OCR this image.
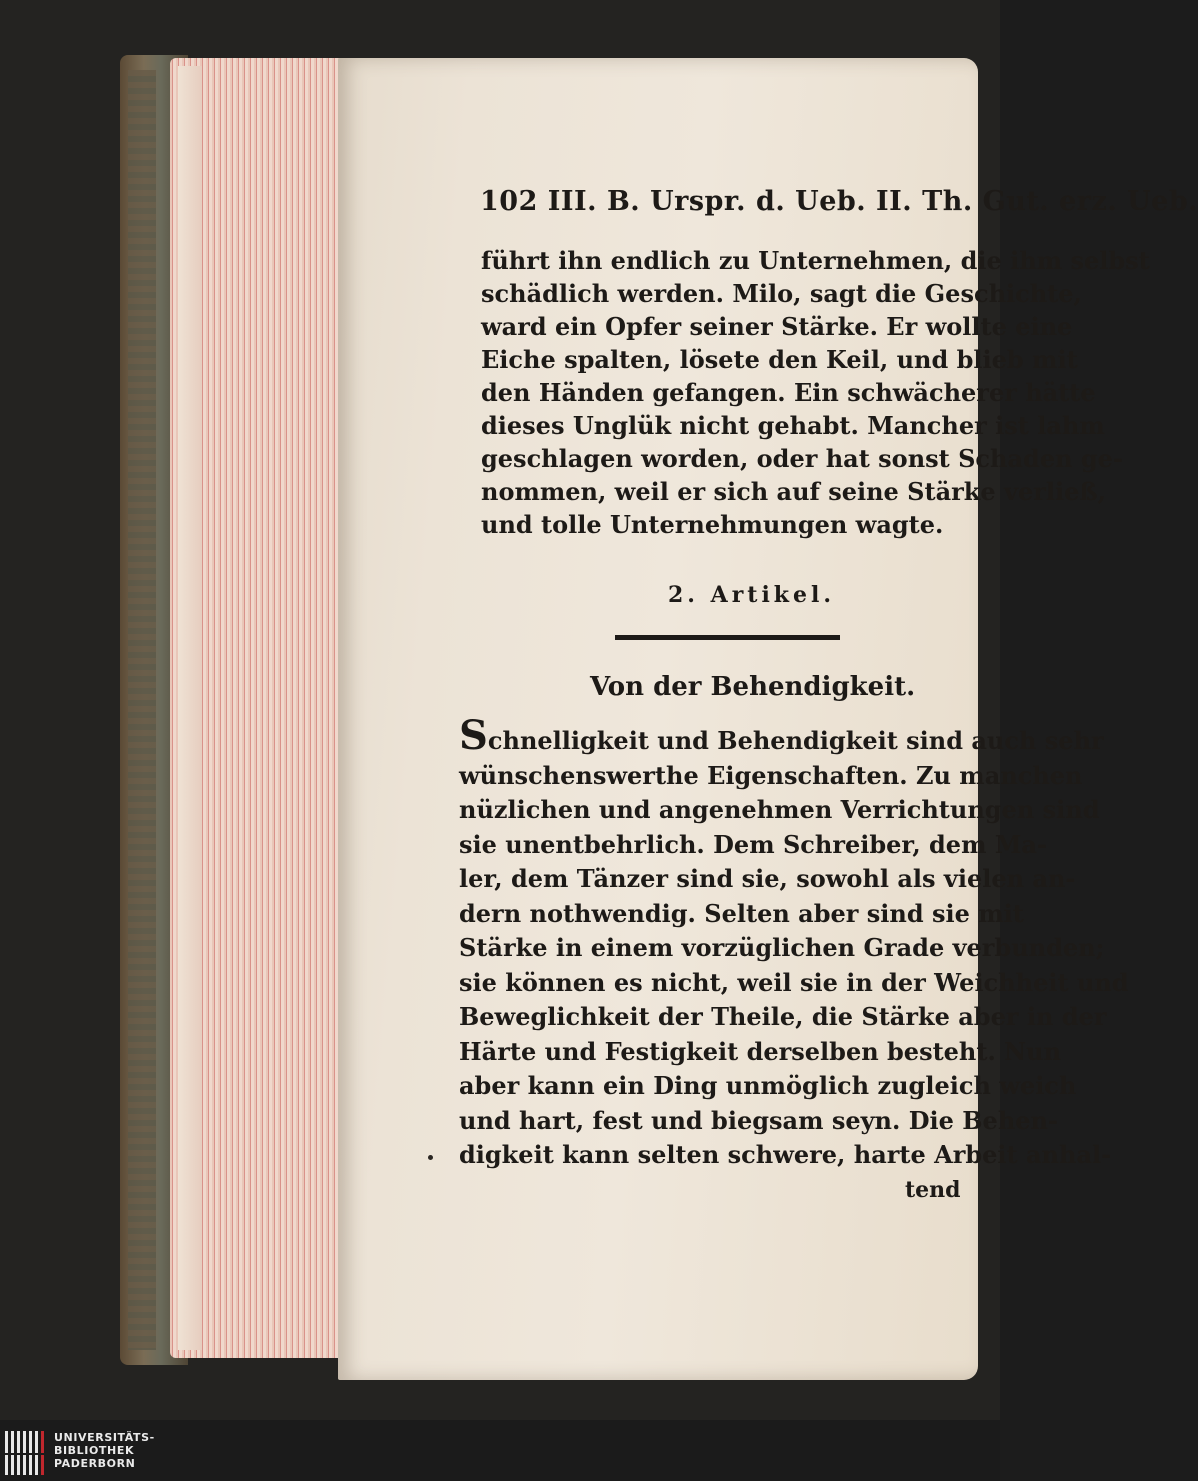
102 III. B. Urspr. d. Ueb. II. Th. Gut. erz. Ueb.
führt ihn endlich zu Unternehmen, die ihm selbst
schädlich werden. Milo, sagt die Geschichte,
ward ein Opfer seiner Stärke. Er wollte eine
Eiche spalten, lösete den Keil, und blieb mit
den Händen gefangen. Ein schwächerer hätte
dieses Unglük nicht gehabt. Mancher ist lahm
geschlagen worden, oder hat sonst Schaden ge-
nommen, weil er sich auf seine Stärke verließ,
und tolle Unternehmungen wagte.
2. Artikel.
Von der Behendigkeit.
Schnelligkeit und Behendigkeit sind auch sehr
wünschenswerthe Eigenschaften. Zu manchen
nüzlichen und angenehmen Verrichtungen sind
sie unentbehrlich. Dem Schreiber, dem Ma-
ler, dem Tänzer sind sie, sowohl als vielen an-
dern nothwendig. Selten aber sind sie mit
Stärke in einem vorzüglichen Grade verbunden;
sie können es nicht, weil sie in der Weichheit und
Beweglichkeit der Theile, die Stärke aber in der
Härte und Festigkeit derselben besteht. Nun
aber kann ein Ding unmöglich zugleich weich
und hart, fest und biegsam seyn. Die Behen-
digkeit kann selten schwere, harte Arbeit anhal-
tend
UNIVERSITÄTS-
BIBLIOTHEK
PADERBORN
